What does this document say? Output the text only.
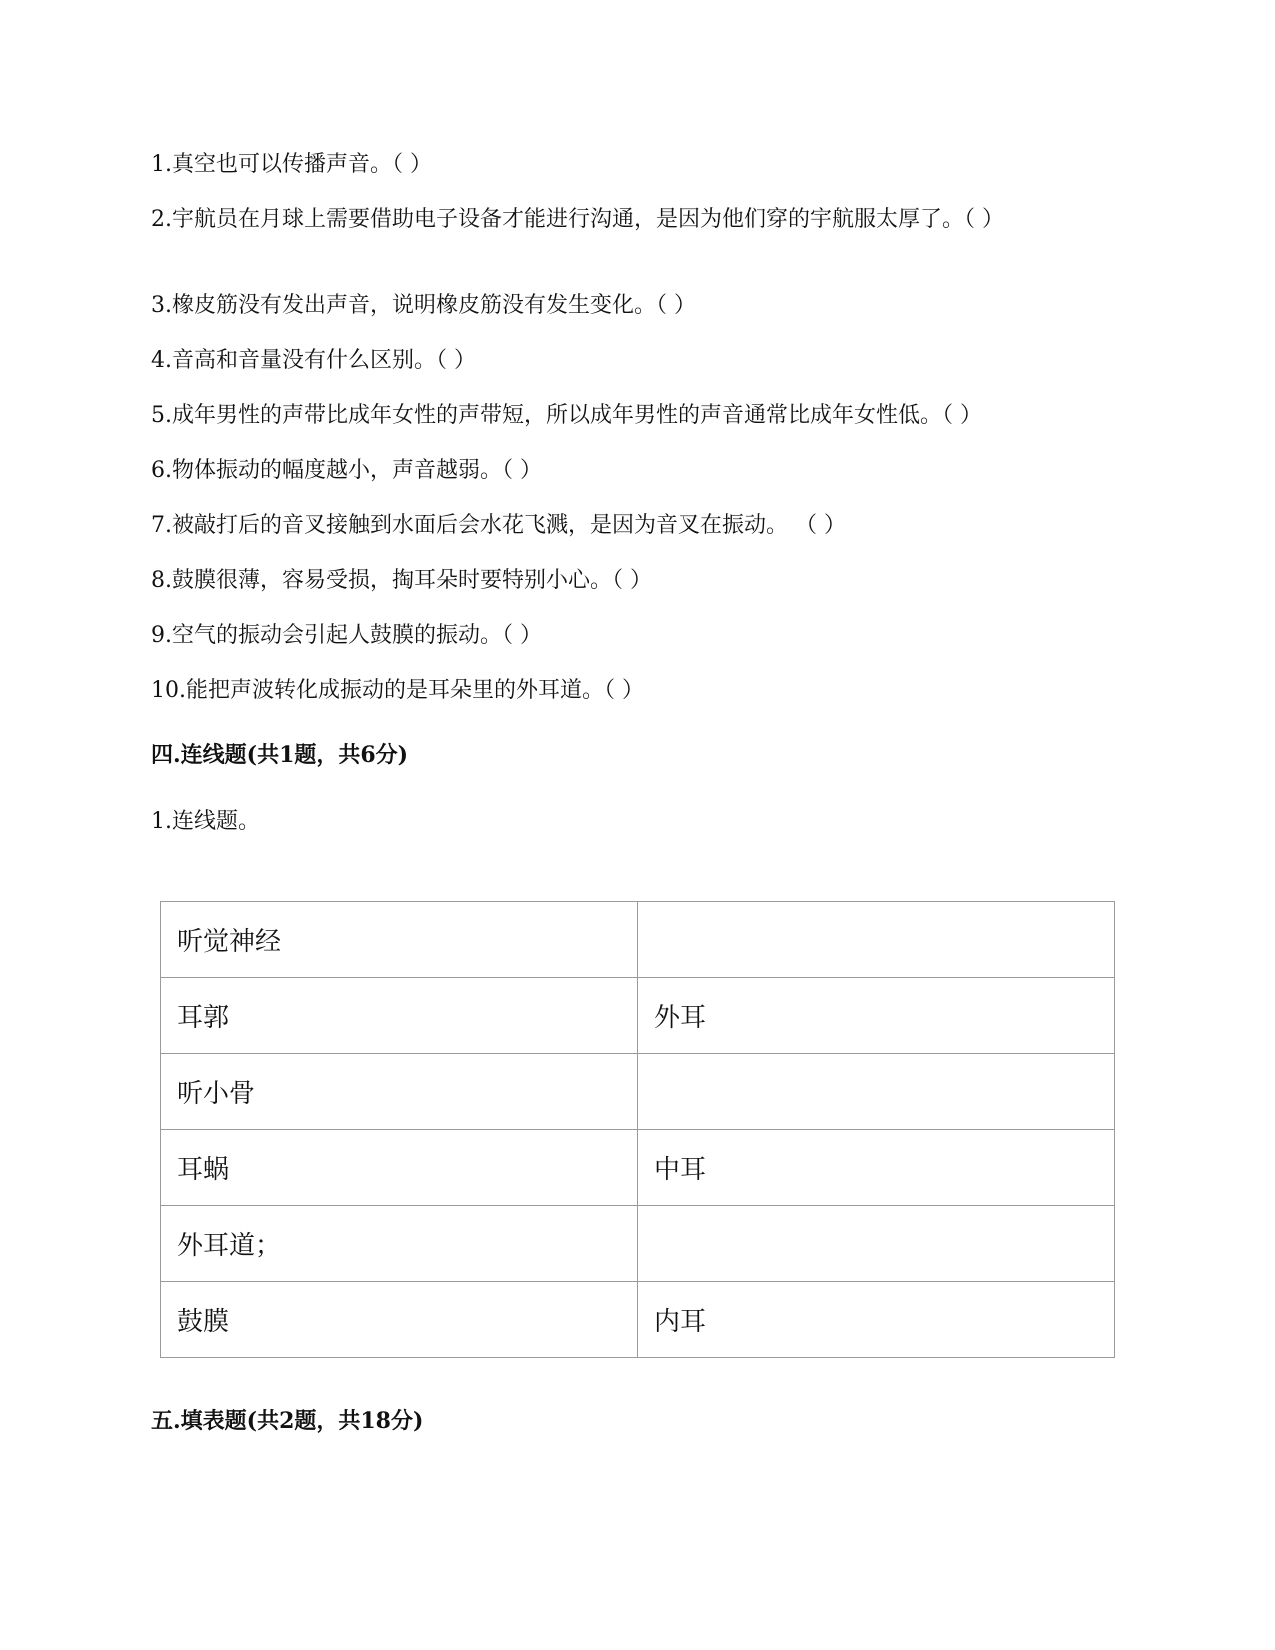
1.真空也可以传播声音。（ ）
2.宇航员在月球上需要借助电子设备才能进行沟通，是因为他们穿的宇航服太厚了。（ ）
3.橡皮筋没有发出声音，说明橡皮筋没有发生变化。（ ）
4.音高和音量没有什么区别。（ ）
5.成年男性的声带比成年女性的声带短，所以成年男性的声音通常比成年女性低。（ ）
6.物体振动的幅度越小，声音越弱。（ ）
7.被敲打后的音叉接触到水面后会水花飞溅，是因为音叉在振动。 （ ）
8.鼓膜很薄，容易受损，掏耳朵时要特别小心。（ ）
9.空气的振动会引起人鼓膜的振动。（ ）
10.能把声波转化成振动的是耳朵里的外耳道。（ ）
四.连线题(共1题，共6分)
1.连线题。
听觉神经	
耳郭	外耳
听小骨	
耳蜗	中耳
外耳道；	
鼓膜	内耳
五.填表题(共2题，共18分)
